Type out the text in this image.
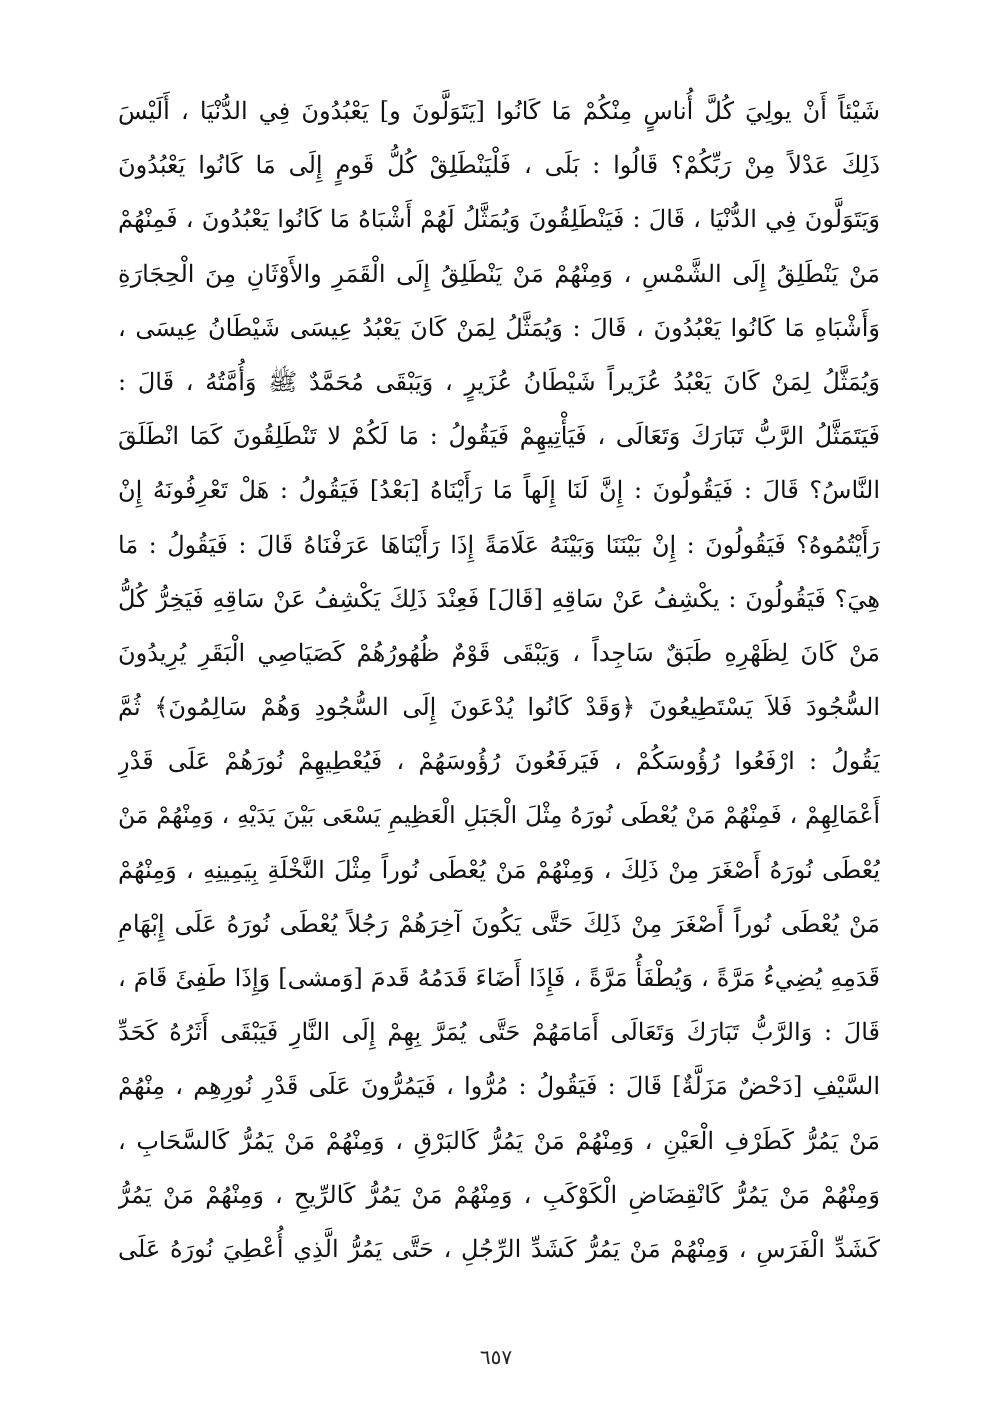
شَيْئاً أَنْ يولِيَ كُلَّ أُناسٍ مِنْكُمْ مَا كَانُوا [يَتَوَلَّونَ و] يَعْبُدُونَ فِي الدُّنْيَا ، أَلَيْسَ
ذَلِكَ عَدْلاً مِنْ رَبِّكُمْ؟ قَالُوا : بَلَى ، فَلْيَنْطَلِقْ كُلُّ قَومٍ إِلَى مَا كَانُوا يَعْبُدُونَ
وَيَتَوَلَّونَ فِي الدُّنْيَا ، قَالَ : فَيَنْطَلِقُونَ وَيُمَثَّلُ لَهُمْ أَشْبَاهُ مَا كَانُوا يَعْبُدُونَ ، فَمِنْهُمْ
مَنْ يَنْطَلِقُ إِلَى الشَّمْسِ ، وَمِنْهُمْ مَنْ يَنْطَلِقُ إِلَى الْقَمَرِ والأَوْثَانِ مِنَ الْحِجَارَةِ
وَأَشْبَاهِ مَا كَانُوا يَعْبُدُونَ ، قَالَ : وَيُمَثَّلُ لِمَنْ كَانَ يَعْبُدُ عِيسَى شَيْطَانُ عِيسَى ،
وَيُمَثَّلُ لِمَنْ كَانَ يَعْبُدُ عُزَيراً شَيْطَانُ عُزَيرٍ ، وَيَبْقَى مُحَمَّدٌ ﷺ وَأُمَّتُهُ ، قَالَ :
فَيَتَمَثَّلُ الرَّبُّ تَبَارَكَ وَتَعَالَى ، فَيَأْتِيهِمْ فَيَقُولُ : مَا لَكُمْ لا تَنْطَلِقُونَ كَمَا انْطَلَقَ
النَّاسُ؟ قَالَ : فَيَقُولُونَ : إِنَّ لَنَا إِلَهاً مَا رَأَيْنَاهُ [بَعْدُ] فَيَقُولُ : هَلْ تَعْرِفُونَهُ إِنْ
رَأَيْتُمُوهُ؟ فَيَقُولُونَ : إِنْ بَيْنَنَا وَبَيْنَهُ عَلَامَةً إِذَا رَأَيْنَاهَا عَرَفْنَاهُ قَالَ : فَيَقُولُ : مَا
هِيَ؟ فَيَقُولُونَ : يكْشِفُ عَنْ سَاقِهِ [قَالَ] فَعِنْدَ ذَلِكَ يَكْشِفُ عَنْ سَاقِهِ فَيَخِرُّ كُلُّ
مَنْ كَانَ لِظَهْرِهِ طَبَقٌ سَاجِداً ، وَيَبْقَى قَوْمٌ ظُهُورُهُمْ كَصَيَاصِي الْبَقَرِ يُرِيدُونَ
السُّجُودَ فَلاَ يَسْتَطِيعُونَ ﴿وَقَدْ كَانُوا يُدْعَونَ إِلَى السُّجُودِ وَهُمْ سَالِمُونَ﴾ ثُمَّ
يَقُولُ : ارْفَعُوا رُؤُوسَكُمْ ، فَيَرفَعُونَ رُؤُوسَهُمْ ، فَيُعْطِيهِمْ نُورَهُمْ عَلَى قَدْرِ
أَعْمَالِهِمْ ، فَمِنْهُمْ مَنْ يُعْطَى نُورَهُ مِثْلَ الْجَبَلِ الْعَظِيمِ يَسْعَى بَيْنَ يَدَيْهِ ، وَمِنْهُمْ مَنْ
يُعْطَى نُورَهُ أَصْغَرَ مِنْ ذَلِكَ ، وَمِنْهُمْ مَنْ يُعْطَى نُوراً مِثْلَ النَّخْلَةِ بِيَمِينِهِ ، وَمِنْهُمْ
مَنْ يُعْطَى نُوراً أَصْغَرَ مِنْ ذَلِكَ حَتَّى يَكُونَ آخِرَهُمْ رَجُلاً يُعْطَى نُورَهُ عَلَى إِبْهَامِ
قَدَمِهِ يُضِيءُ مَرَّةً ، وَيُطْفَأُ مَرَّةً ، فَإِذَا أَضَاءَ قَدَمُهُ قَدمَ [وَمشى] وَإِذَا طَفِئَ قَامَ ،
قَالَ : وَالرَّبُّ تَبَارَكَ وَتَعَالَى أَمَامَهُمْ حَتَّى يُمَرَّ بِهِمْ إِلَى النَّارِ فَيَبْقَى أَثَرُهُ كَحَدِّ
السَّيْفِ [دَحْضٌ مَزَلَّةٌ] قَالَ : فَيَقُولُ : مُرُّوا ، فَيَمُرُّونَ عَلَى قَدْرِ نُورِهِم ، مِنْهُمْ
مَنْ يَمُرُّ كَطَرْفِ الْعَيْنِ ، وَمِنْهُمْ مَنْ يَمُرُّ كَالبَرْقِ ، وَمِنْهُمْ مَنْ يَمُرُّ كَالسَّحَابِ ،
وَمِنْهُمْ مَنْ يَمُرُّ كَانْقِضَاضِ الْكَوْكَبِ ، وَمِنْهُمْ مَنْ يَمُرُّ كَالرِّيحِ ، وَمِنْهُمْ مَنْ يَمُرُّ
كَشَدِّ الْفَرَسِ ، وَمِنْهُمْ مَنْ يَمُرُّ كَشَدِّ الرِّجُلِ ، حَتَّى يَمُرُّ الَّذِي أُعْطِيَ نُورَهُ عَلَى
٦٥٧
